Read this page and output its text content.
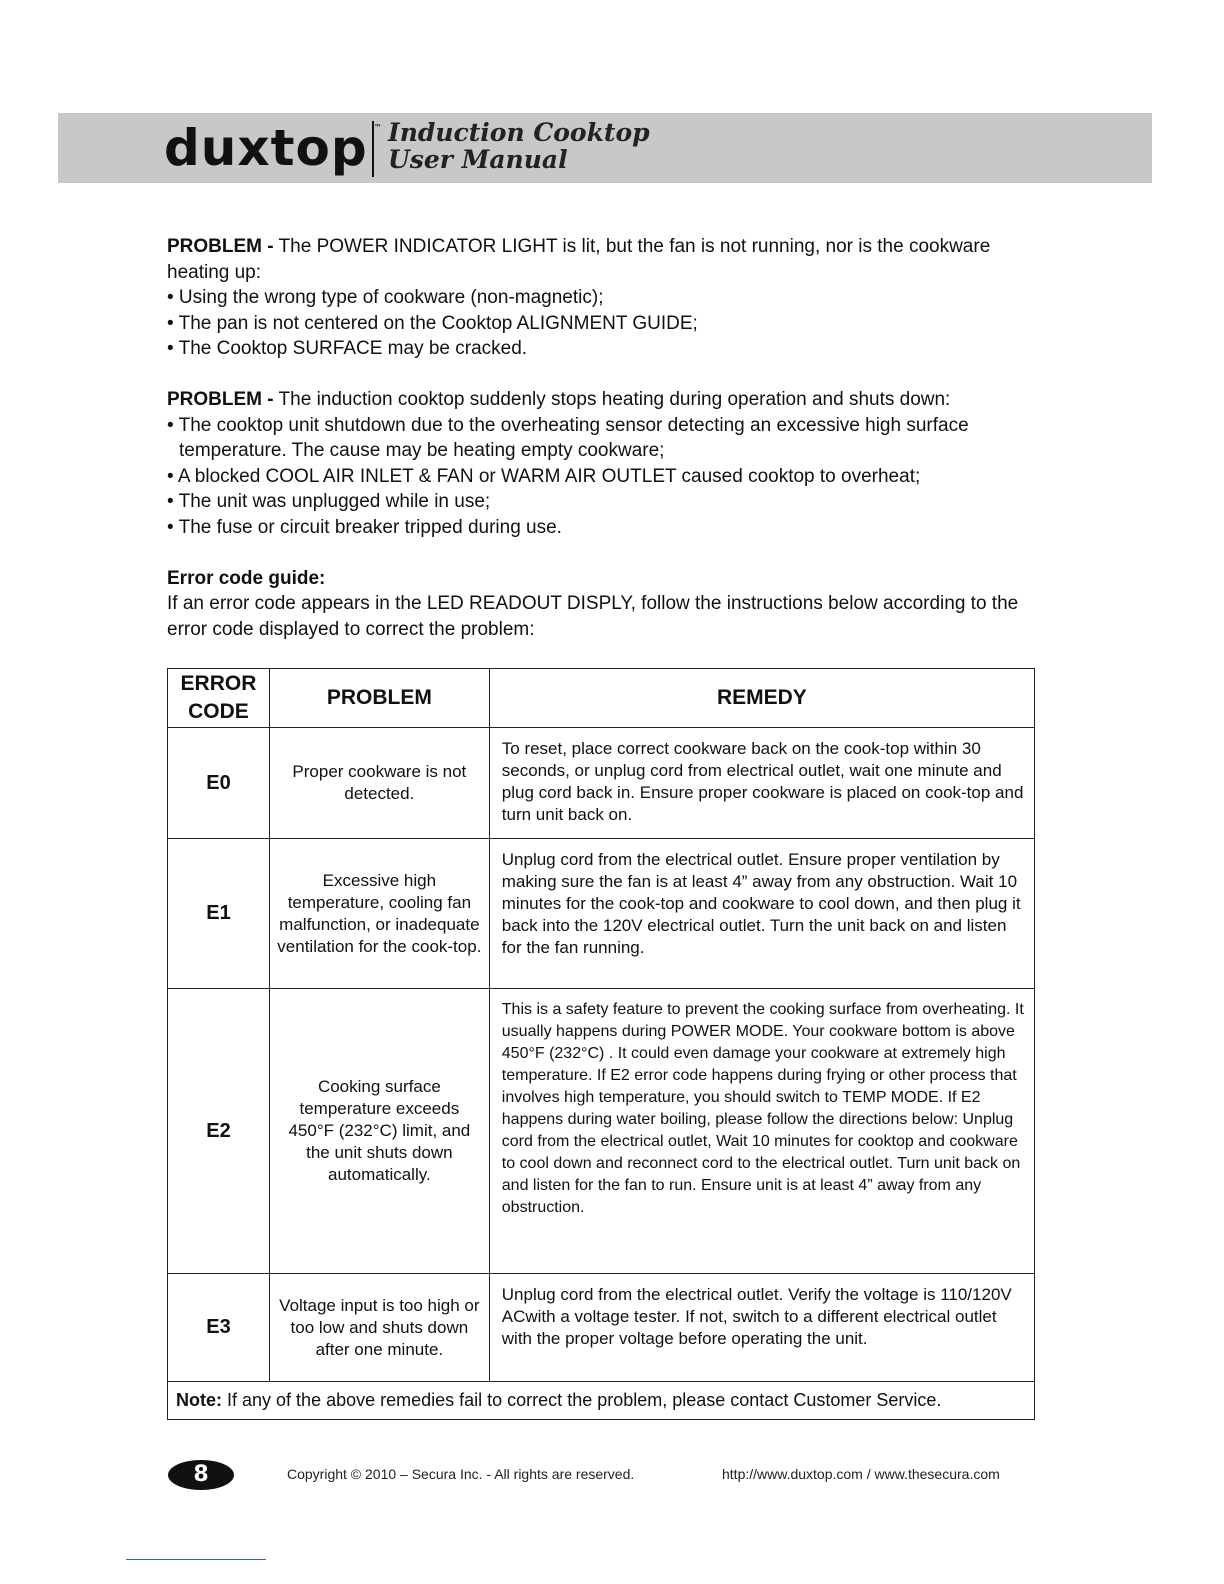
duxtop ™ Induction Cooktop
User Manual

PROBLEM - The POWER INDICATOR LIGHT is lit, but the fan is not running, nor is the cookware heating up:

• Using the wrong type of cookware (non-magnetic);

• The pan is not centered on the Cooktop ALIGNMENT GUIDE;

• The Cooktop SURFACE may be cracked.

PROBLEM - The induction cooktop suddenly stops heating during operation and shuts down:

• The cooktop unit shutdown due to the overheating sensor detecting an excessive high surface temperature. The cause may be heating empty cookware;

• A blocked COOL AIR INLET & FAN or WARM AIR OUTLET caused cooktop to overheat;

• The unit was unplugged while in use;

• The fuse or circuit breaker tripped during use.

Error code guide:

If an error code appears in the LED READOUT DISPLY, follow the instructions below according to the error code displayed to correct the problem:

ERROR
CODE	PROBLEM	REMEDY
E0	Proper cookware is not detected.	To reset, place correct cookware back on the cook-top within 30 seconds, or unplug cord from electrical outlet, wait one minute and plug cord back in. Ensure proper cookware is placed on cook-top and turn unit back on.
E1	Excessive high temperature, cooling fan malfunction, or inadequate ventilation for the cook-top.	Unplug cord from the electrical outlet. Ensure proper ventilation by making sure the fan is at least 4” away from any obstruction. Wait 10 minutes for the cook-top and cookware to cool down, and then plug it back into the 120V electrical outlet. Turn the unit back on and listen for the fan running.
E2	Cooking surface temperature exceeds 450°F (232°C) limit, and the unit shuts down automatically.	This is a safety feature to prevent the cooking surface from overheating. It usually happens during POWER MODE. Your cookware bottom is above 450°F (232°C) . It could even damage your cookware at extremely high temperature. If E2 error code happens during frying or other process that involves high temperature, you should switch to TEMP MODE. If E2 happens during water boiling, please follow the directions below: Unplug cord from the electrical outlet, Wait 10 minutes for cooktop and cookware to cool down and reconnect cord to the electrical outlet. Turn unit back on and listen for the fan to run. Ensure unit is at least 4” away from any obstruction.
E3	Voltage input is too high or too low and shuts down after one minute.	Unplug cord from the electrical outlet. Verify the voltage is 110/120V ACwith a voltage tester. If not, switch to a different electrical outlet with the proper voltage before operating the unit.
Note: If any of the above remedies fail to correct the problem, please contact Customer Service.		
8	Copyright © 2010 – Secura Inc. - All rights are reserved.	http://www.duxtop.com / www.thesecura.com
